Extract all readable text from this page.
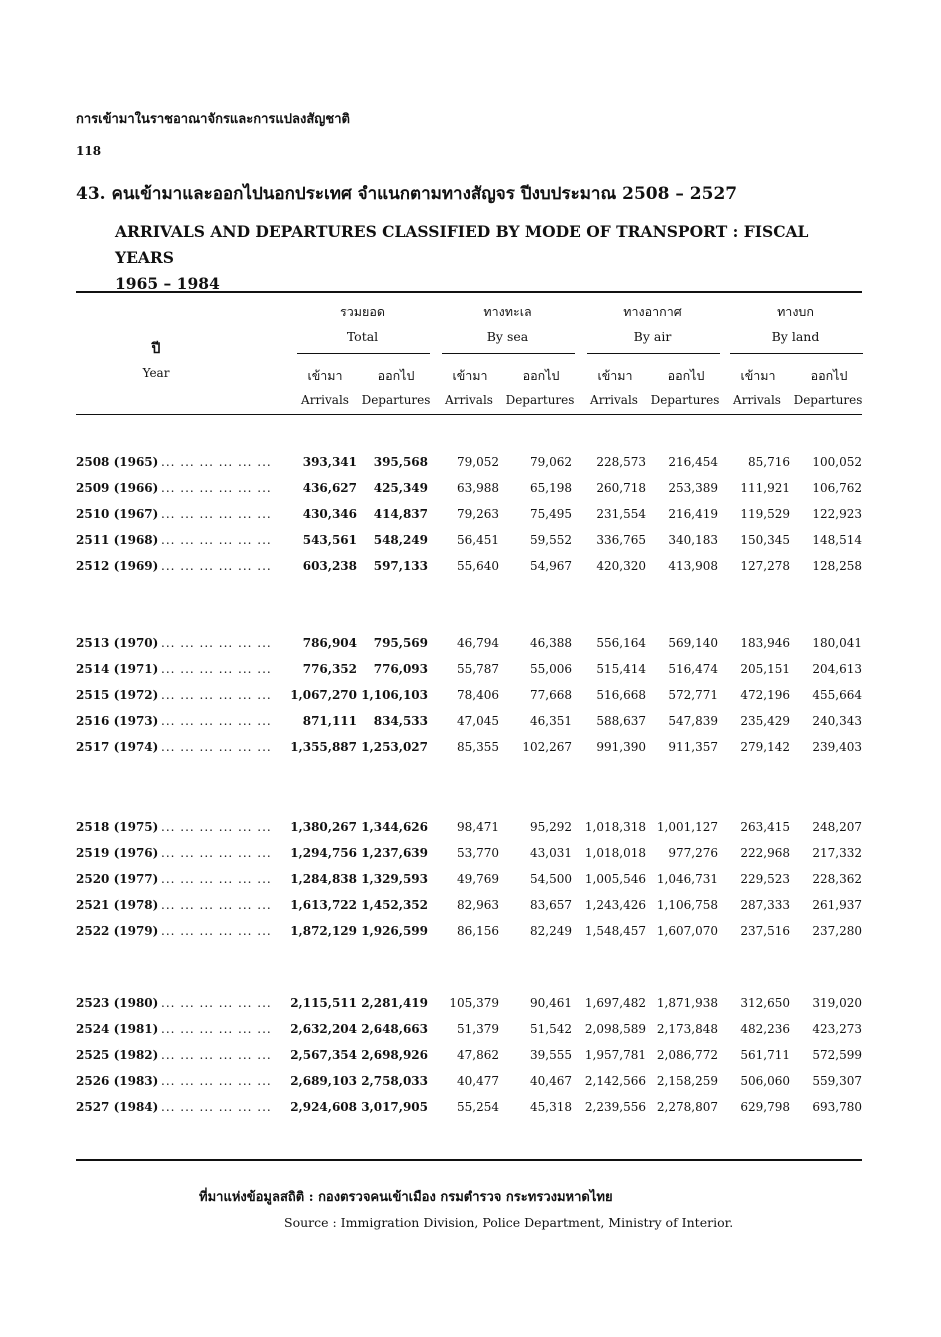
การเข้ามาในราชอาณาจักรและการแปลงสัญชาติ
118
43. คนเข้ามาและออกไปนอกประเทศ จำแนกตามทางสัญจร ปีงบประมาณ 2508 – 2527
ARRIVALS AND DEPARTURES CLASSIFIED BY MODE OF TRANSPORT : FISCAL YEARS
1965 – 1984
ปี
Year
รวมยอด
Total
ทางทะเล
By sea
ทางอากาศ
By air
ทางบก
By land
เข้ามา	ออกไป	เข้ามา	ออกไป	เข้ามา	ออกไป	เข้ามา	ออกไป
Arrivals	Departures	Arrivals	Departures	Arrivals	Departures	Arrivals	Departures
2508 (1965) ... ... ... ... ... ...	393,341 395,568 79,052	79,062 228,573 216,454	85,716 100,052
2509 (1966) ... ... ... ... ... ...	436,627 425,349 63,988	65,198 260,718 253,389 111,921 106,762
2510 (1967) ... ... ... ... ... ...	430,346 414,837 79,263	75,495 231,554 216,419 119,529 122,923
2511 (1968) ... ... ... ... ... ...	543,561 548,249 56,451	59,552 336,765 340,183 150,345 148,514
2512 (1969) ... ... ... ... ... ...	603,238 597,133 55,640	54,967 420,320 413,908 127,278 128,258
2513 (1970) ... ... ... ... ... ...	786,904 795,569 46,794	46,388 556,164 569,140 183,946 180,041
2514 (1971) ... ... ... ... ... ...	776,352 776,093 55,787	55,006 515,414 516,474 205,151 204,613
2515 (1972) ... ... ... ... ... ... 1,067,270 1,106,103 78,406	77,668 516,668 572,771 472,196 455,664
2516 (1973) ... ... ... ... ... ...	871,111 834,533 47,045	46,351 588,637 547,839 235,429 240,343
2517 (1974) ... ... ... ... ... ... 1,355,887 1,253,027 85,355 102,267 991,390 911,357 279,142 239,403
2518 (1975) ... ... ... ... ... ... 1,380,267 1,344,626 98,471	95,292 1,018,318 1,001,127 263,415 248,207
2519 (1976) ... ... ... ... ... ... 1,294,756 1,237,639 53,770	43,031 1,018,018 977,276 222,968 217,332
2520 (1977) ... ... ... ... ... ... 1,284,838 1,329,593 49,769	54,500 1,005,546 1,046,731 229,523 228,362
2521 (1978) ... ... ... ... ... ... 1,613,722 1,452,352 82,963	83,657 1,243,426 1,106,758 287,333 261,937
2522 (1979) ... ... ... ... ... ... 1,872,129 1,926,599 86,156	82,249 1,548,457 1,607,070 237,516 237,280
2523 (1980) ... ... ... ... ... ... 2,115,511 2,281,419 105,379	90,461 1,697,482 1,871,938 312,650 319,020
2524 (1981) ... ... ... ... ... ... 2,632,204 2,648,663 51,379	51,542 2,098,589 2,173,848 482,236 423,273
2525 (1982) ... ... ... ... ... ... 2,567,354 2,698,926 47,862	39,555 1,957,781 2,086,772 561,711 572,599
2526 (1983) ... ... ... ... ... ... 2,689,103 2,758,033 40,477	40,467 2,142,566 2,158,259 506,060 559,307
2527 (1984) ... ... ... ... ... ... 2,924,608 3,017,905 55,254	45,318 2,239,556 2,278,807 629,798 693,780
ที่มาแห่งข้อมูลสถิติ : กองตรวจคนเข้าเมือง กรมตำรวจ กระทรวงมหาดไทย
Source : Immigration Division, Police Department, Ministry of Interior.
